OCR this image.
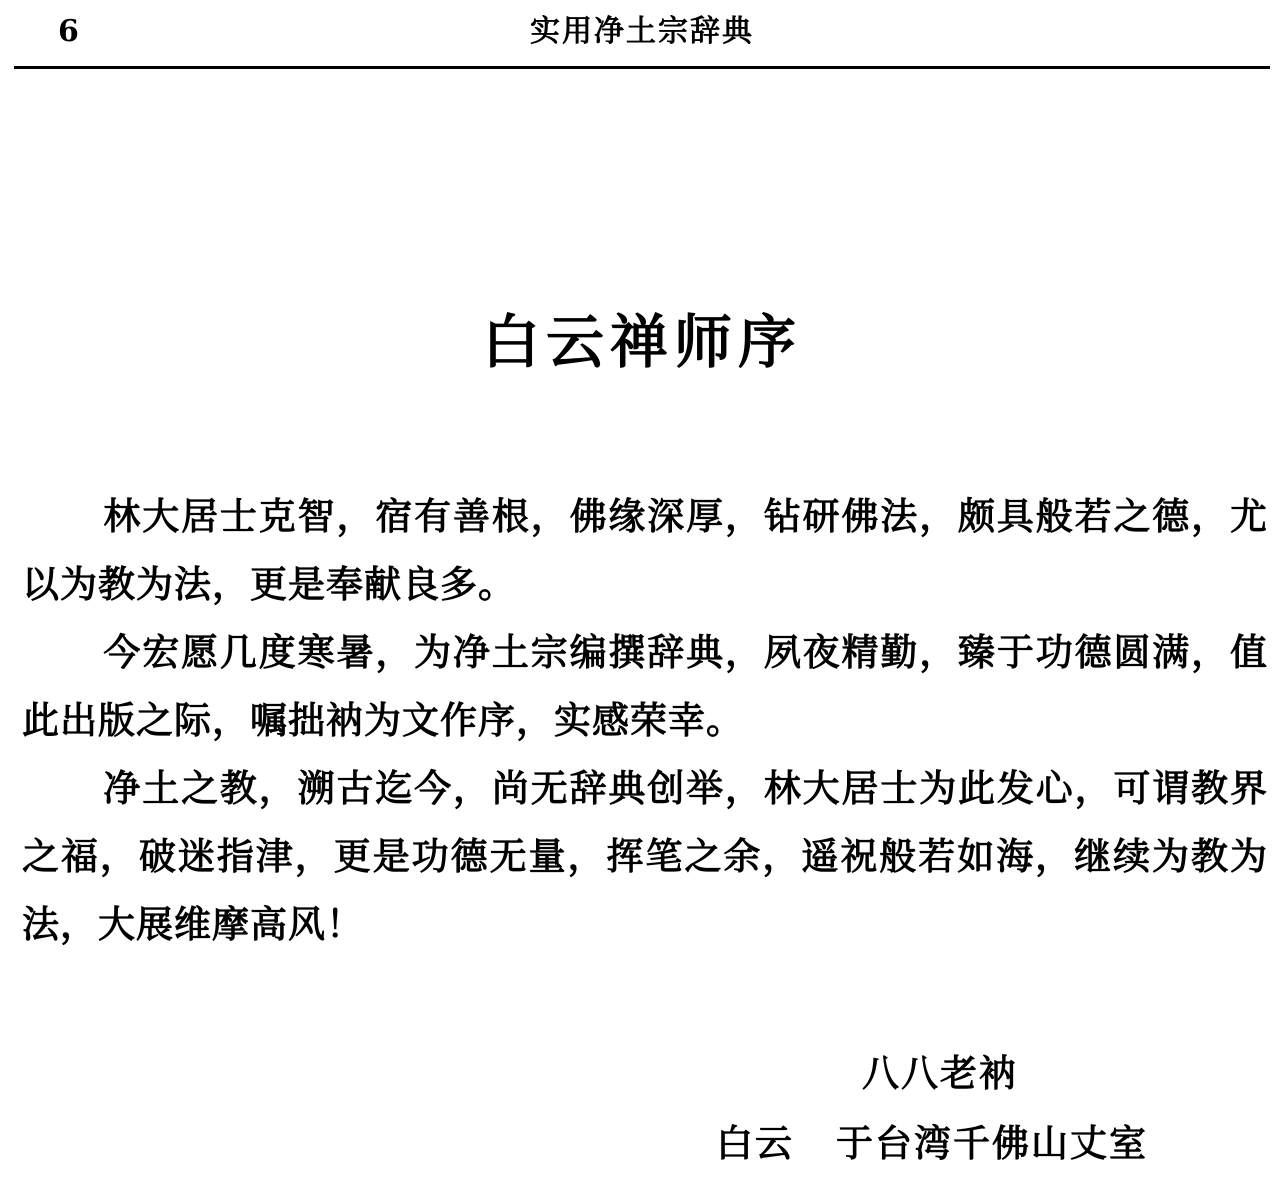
6	实用净土宗辞典
白云禅师序

林大居士克智，宿有善根，佛缘深厚，钻研佛法，颇具般若之德，尤以为教为法，更是奉献良多。

今宏愿几度寒暑，为净土宗编撰辞典，夙夜精勤，臻于功德圆满，值此出版之际，嘱拙衲为文作序，实感荣幸。

净土之教，溯古迄今，尚无辞典创举，林大居士为此发心，可谓教界之福，破迷指津，更是功德无量，挥笔之余，遥祝般若如海，继续为教为法，大展维摩高风！

八八老衲
白云 于台湾千佛山丈室
